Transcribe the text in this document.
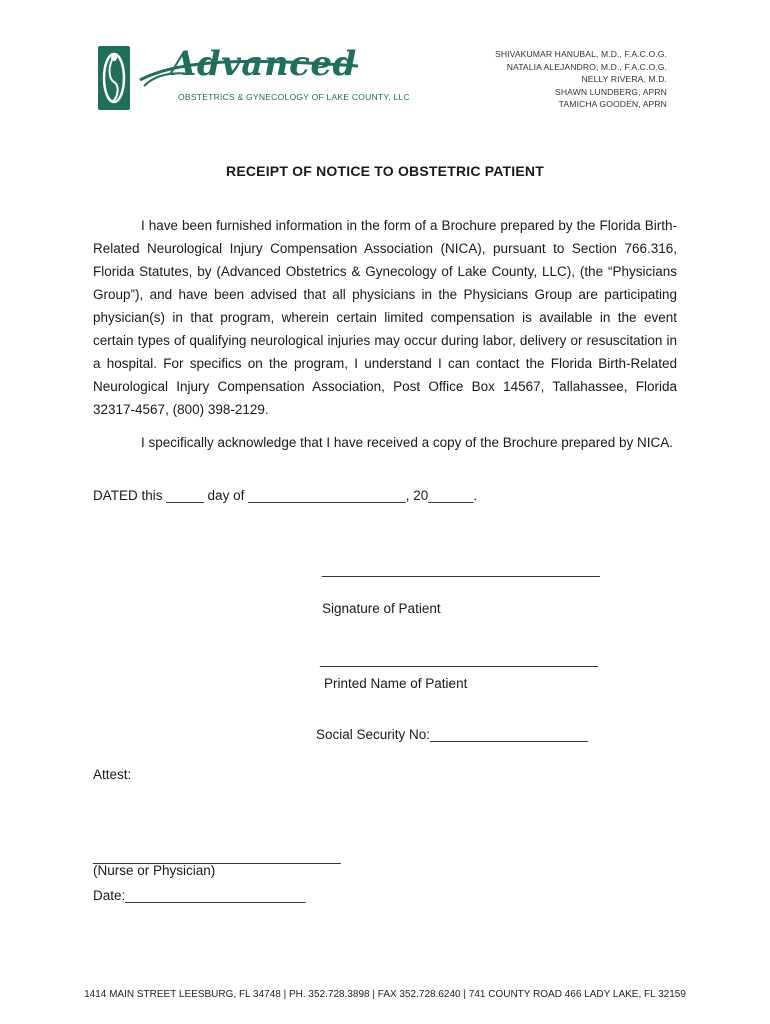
Advanced
OBSTETRICS & GYNECOLOGY OF LAKE COUNTY, LLC
SHIVAKUMAR HANUBAL, M.D., F.A.C.O.G.
NATALIA ALEJANDRO, M.D., F.A.C.O.G.
NELLY RIVERA, M.D.
SHAWN LUNDBERG, APRN
TAMICHA GOODEN, APRN
RECEIPT OF NOTICE TO OBSTETRIC PATIENT
I have been furnished information in the form of a Brochure prepared by the Florida Birth-Related Neurological Injury Compensation Association (NICA), pursuant to Section 766.316, Florida Statutes, by (Advanced Obstetrics & Gynecology of Lake County, LLC), (the “Physicians Group”), and have been advised that all physicians in the Physicians Group are participating physician(s) in that program, wherein certain limited compensation is available in the event certain types of qualifying neurological injuries may occur during labor, delivery or resuscitation in a hospital. For specifics on the program, I understand I can contact the Florida Birth-Related Neurological Injury Compensation Association, Post Office Box 14567, Tallahassee, Florida 32317-4567, (800) 398-2129.
I specifically acknowledge that I have received a copy of the Brochure prepared by NICA.
DATED this _____ day of _____________________, 20______.
_____________________________________
Signature of Patient
_____________________________________
Printed Name of Patient
Social Security No:_____________________
Attest:
_________________________________
(Nurse or Physician)
Date:________________________
1414 MAIN STREET LEESBURG, FL 34748 | PH. 352.728.3898 | FAX 352.728.6240 | 741 COUNTY ROAD 466 LADY LAKE, FL 32159
